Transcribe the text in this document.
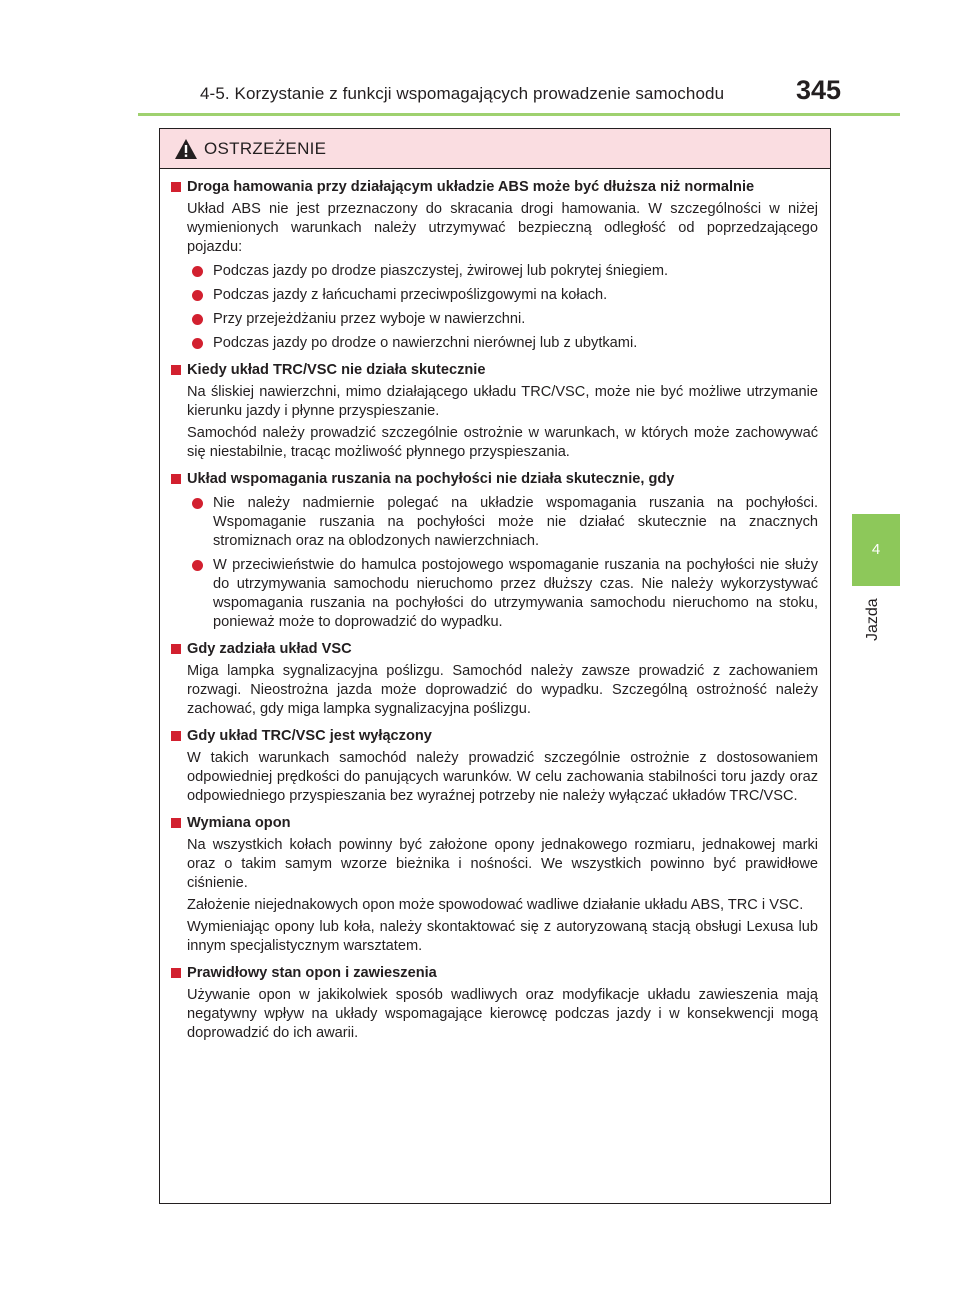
4-5. Korzystanie z funkcji wspomagających prowadzenie samochodu	345
4
Jazda
OSTRZEŻENIE
Droga hamowania przy działającym układzie ABS może być dłuższa niż normalnie
Układ ABS nie jest przeznaczony do skracania drogi hamowania. W szczególności w niżej wymienionych warunkach należy utrzymywać bezpieczną odległość od poprzedzającego pojazdu:
Podczas jazdy po drodze piaszczystej, żwirowej lub pokrytej śniegiem.
Podczas jazdy z łańcuchami przeciwpoślizgowymi na kołach.
Przy przejeżdżaniu przez wyboje w nawierzchni.
Podczas jazdy po drodze o nawierzchni nierównej lub z ubytkami.
Kiedy układ TRC/VSC nie działa skutecznie
Na śliskiej nawierzchni, mimo działającego układu TRC/VSC, może nie być możliwe utrzymanie kierunku jazdy i płynne przyspieszanie.
Samochód należy prowadzić szczególnie ostrożnie w warunkach, w których może zachowywać się niestabilnie, tracąc możliwość płynnego przyspieszania.
Układ wspomagania ruszania na pochyłości nie działa skutecznie, gdy
Nie należy nadmiernie polegać na układzie wspomagania ruszania na pochyłości. Wspomaganie ruszania na pochyłości może nie działać skutecznie na znacznych stromiznach oraz na oblodzonych nawierzchniach.
W przeciwieństwie do hamulca postojowego wspomaganie ruszania na pochyłości nie służy do utrzymywania samochodu nieruchomo przez dłuższy czas. Nie należy wykorzystywać wspomagania ruszania na pochyłości do utrzymywania samochodu nieruchomo na stoku, ponieważ może to doprowadzić do wypadku.
Gdy zadziała układ VSC
Miga lampka sygnalizacyjna poślizgu. Samochód należy zawsze prowadzić z zachowaniem rozwagi. Nieostrożna jazda może doprowadzić do wypadku. Szczególną ostrożność należy zachować, gdy miga lampka sygnalizacyjna poślizgu.
Gdy układ TRC/VSC jest wyłączony
W takich warunkach samochód należy prowadzić szczególnie ostrożnie z dostosowaniem odpowiedniej prędkości do panujących warunków. W celu zachowania stabilności toru jazdy oraz odpowiedniego przyspieszania bez wyraźnej potrzeby nie należy wyłączać układów TRC/VSC.
Wymiana opon
Na wszystkich kołach powinny być założone opony jednakowego rozmiaru, jednakowej marki oraz o takim samym wzorze bieżnika i nośności. We wszystkich powinno być prawidłowe ciśnienie.
Założenie niejednakowych opon może spowodować wadliwe działanie układu ABS, TRC i VSC.
Wymieniając opony lub koła, należy skontaktować się z autoryzowaną stacją obsługi Lexusa lub innym specjalistycznym warsztatem.
Prawidłowy stan opon i zawieszenia
Używanie opon w jakikolwiek sposób wadliwych oraz modyfikacje układu zawieszenia mają negatywny wpływ na układy wspomagające kierowcę podczas jazdy i w konsekwencji mogą doprowadzić do ich awarii.
